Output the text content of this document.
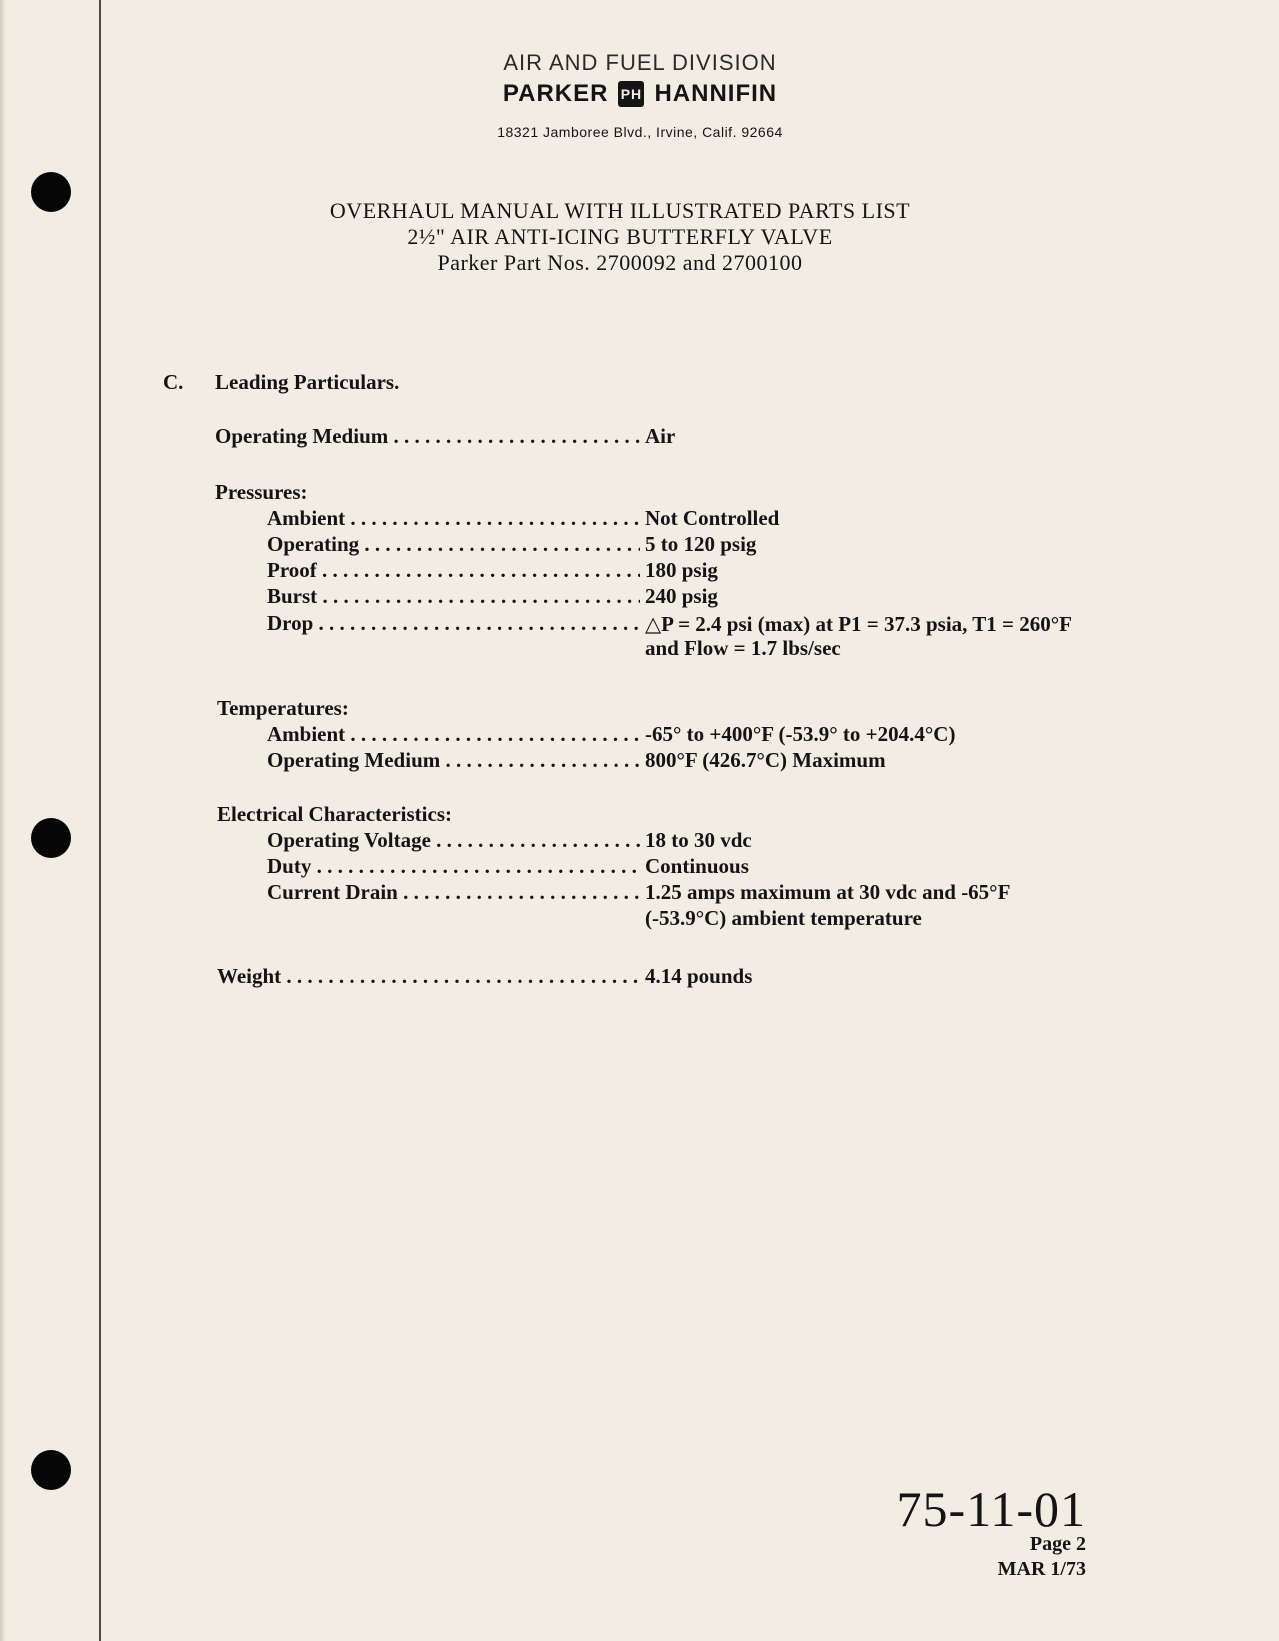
AIR AND FUEL DIVISION
PARKER PH HANNIFIN
18321 Jamboree Blvd., Irvine, Calif. 92664
OVERHAUL MANUAL WITH ILLUSTRATED PARTS LIST
2½" AIR ANTI-ICING BUTTERFLY VALVE
Parker Part Nos. 2700092 and 2700100
C. Leading Particulars.
Operating Medium . . .	Air
Pressures:
Ambient . . .	Not Controlled
Operating . . .	5 to 120 psig
Proof . . .	180 psig
Burst . . .	240 psig
Drop . . .	△P = 2.4 psi (max) at P1 = 37.3 psia, T1 = 260°F
and Flow = 1.7 lbs/sec
Temperatures:
Ambient . . .	-65° to +400°F (-53.9° to +204.4°C)
Operating Medium . . .	800°F (426.7°C) Maximum
Electrical Characteristics:
Operating Voltage . . .	18 to 30 vdc
Duty . . .	Continuous
Current Drain . . .	1.25 amps maximum at 30 vdc and -65°F
(-53.9°C) ambient temperature
Weight . . .	4.14 pounds
75-11-01
Page 2
MAR 1/73
